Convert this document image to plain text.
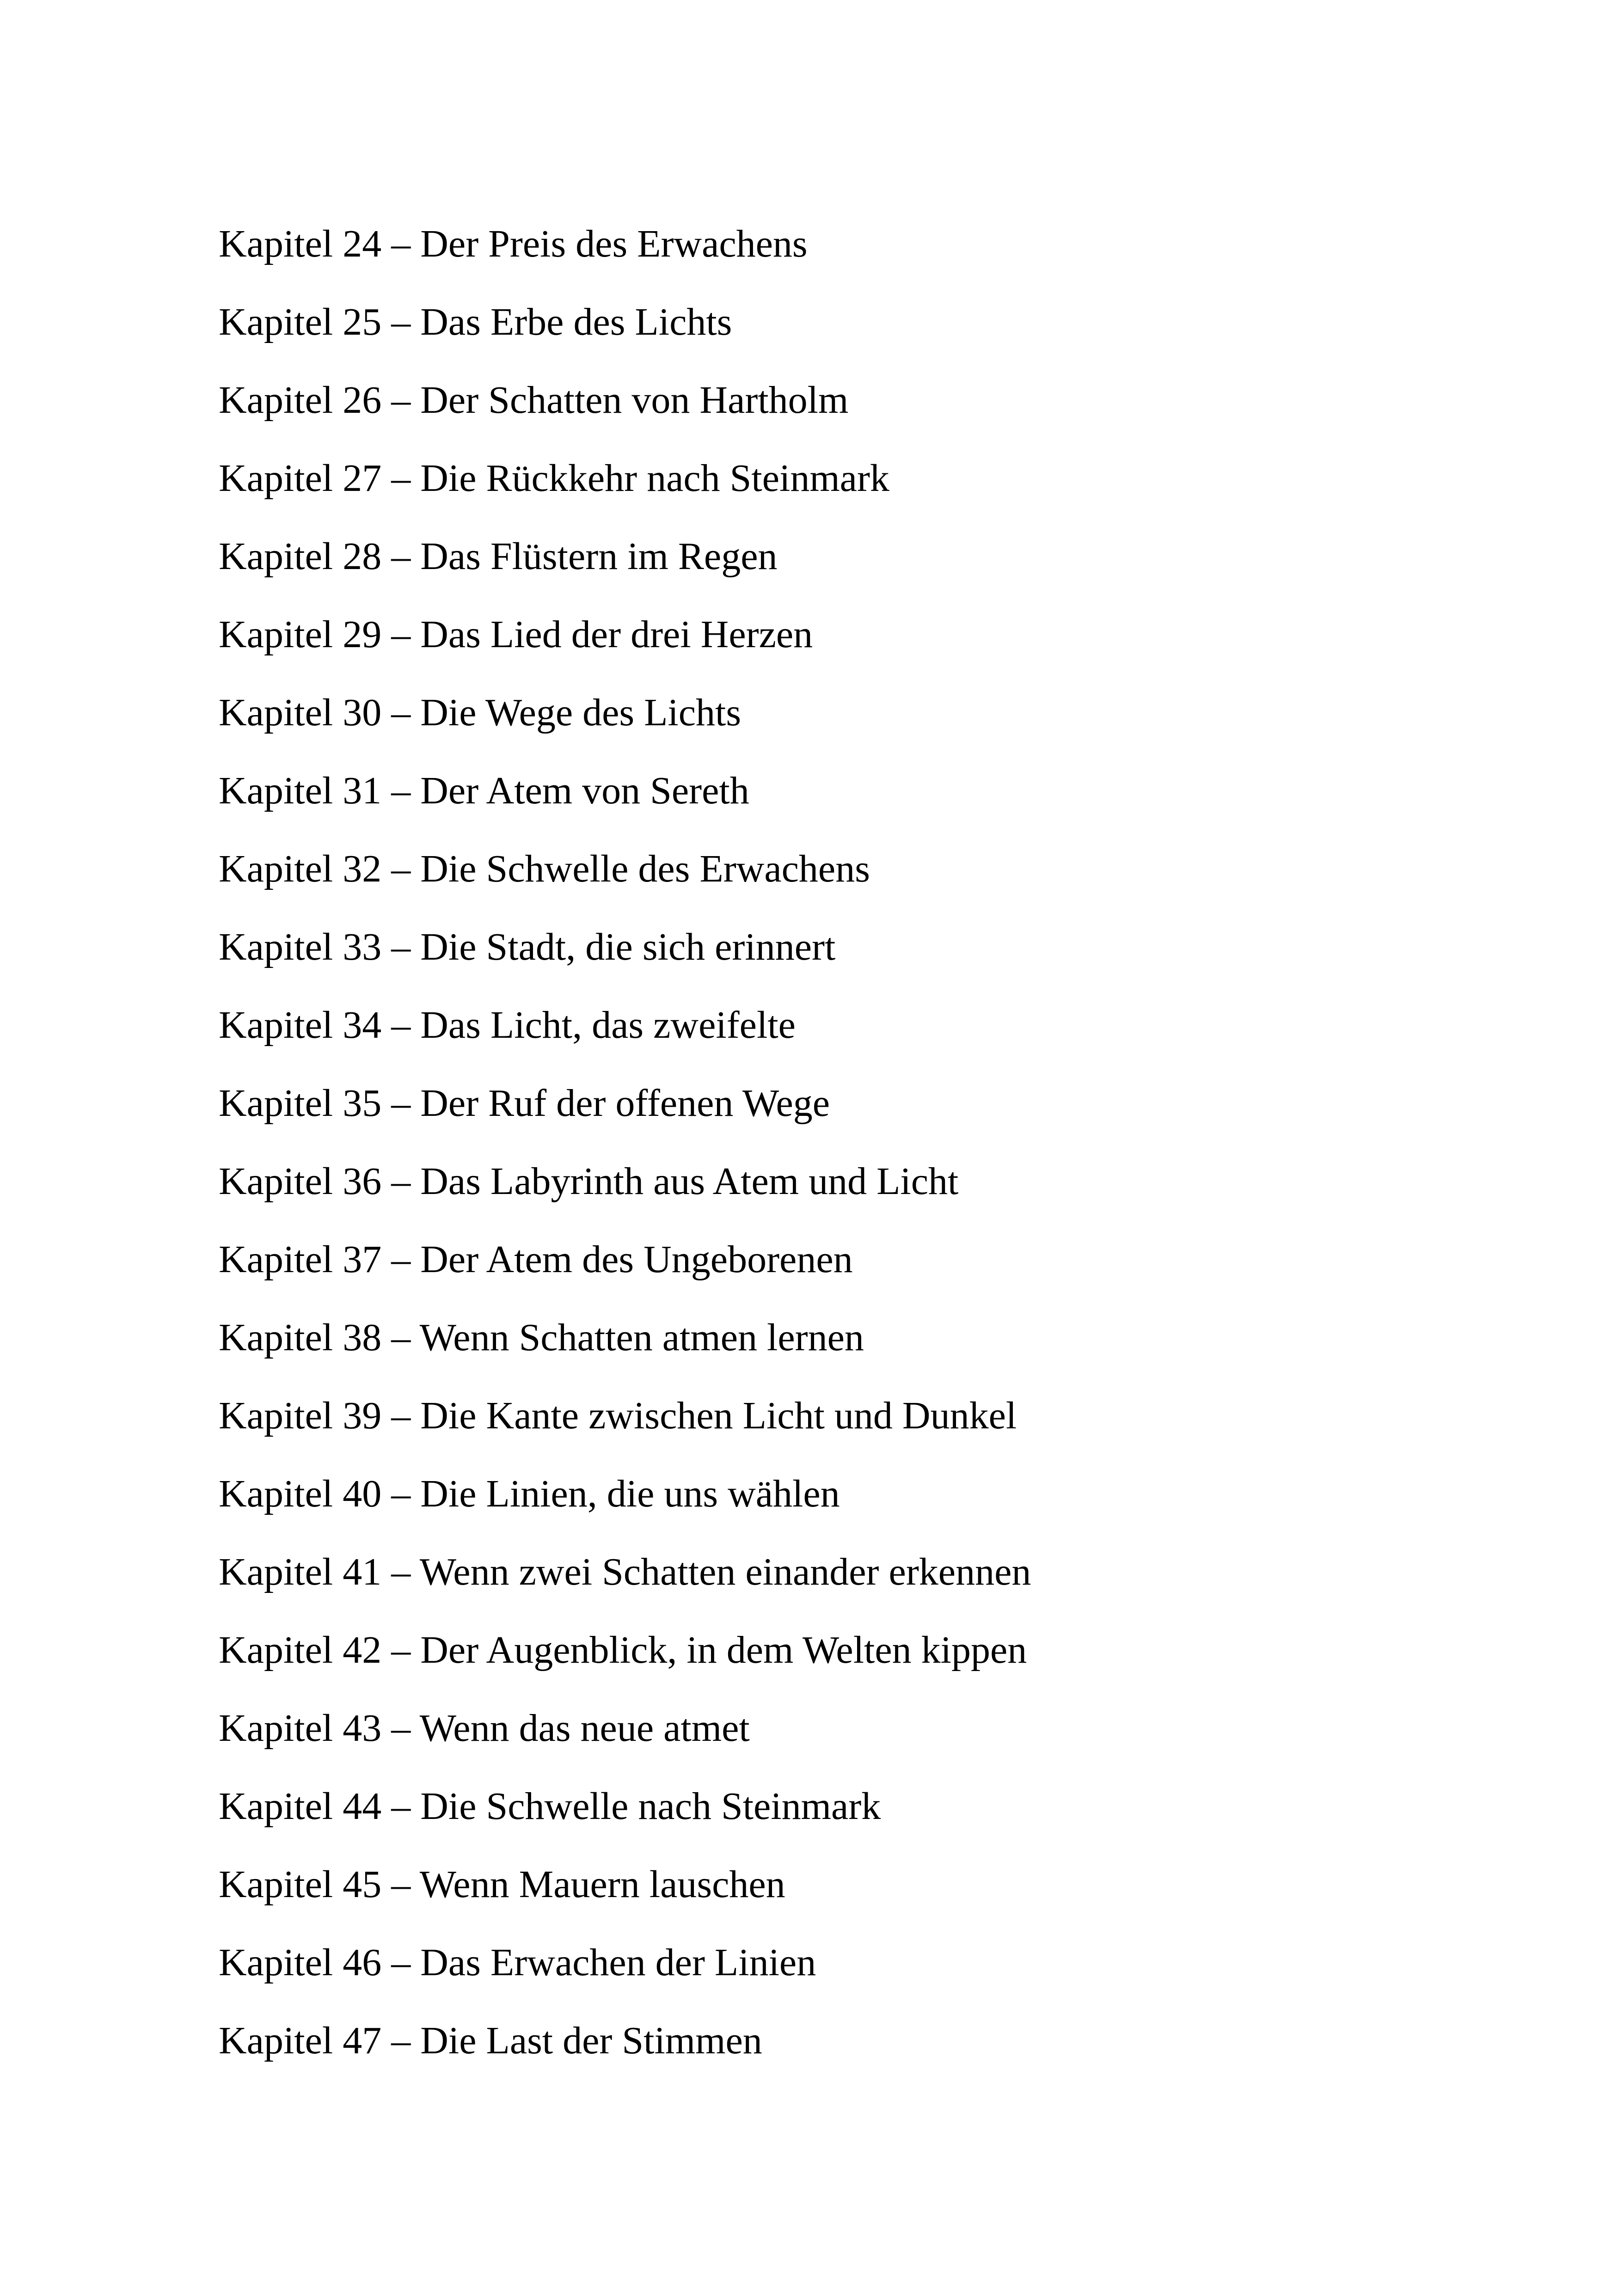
Kapitel 24 – Der Preis des Erwachens
Kapitel 25 – Das Erbe des Lichts
Kapitel 26 – Der Schatten von Hartholm
Kapitel 27 – Die Rückkehr nach Steinmark
Kapitel 28 – Das Flüstern im Regen
Kapitel 29 – Das Lied der drei Herzen
Kapitel 30 – Die Wege des Lichts
Kapitel 31 – Der Atem von Sereth
Kapitel 32 – Die Schwelle des Erwachens
Kapitel 33 – Die Stadt, die sich erinnert
Kapitel 34 – Das Licht, das zweifelte
Kapitel 35 – Der Ruf der offenen Wege
Kapitel 36 – Das Labyrinth aus Atem und Licht
Kapitel 37 – Der Atem des Ungeborenen
Kapitel 38 – Wenn Schatten atmen lernen
Kapitel 39 – Die Kante zwischen Licht und Dunkel
Kapitel 40 – Die Linien, die uns wählen
Kapitel 41 – Wenn zwei Schatten einander erkennen
Kapitel 42 – Der Augenblick, in dem Welten kippen
Kapitel 43 – Wenn das neue atmet
Kapitel 44 – Die Schwelle nach Steinmark
Kapitel 45 – Wenn Mauern lauschen
Kapitel 46 – Das Erwachen der Linien
Kapitel 47 – Die Last der Stimmen
